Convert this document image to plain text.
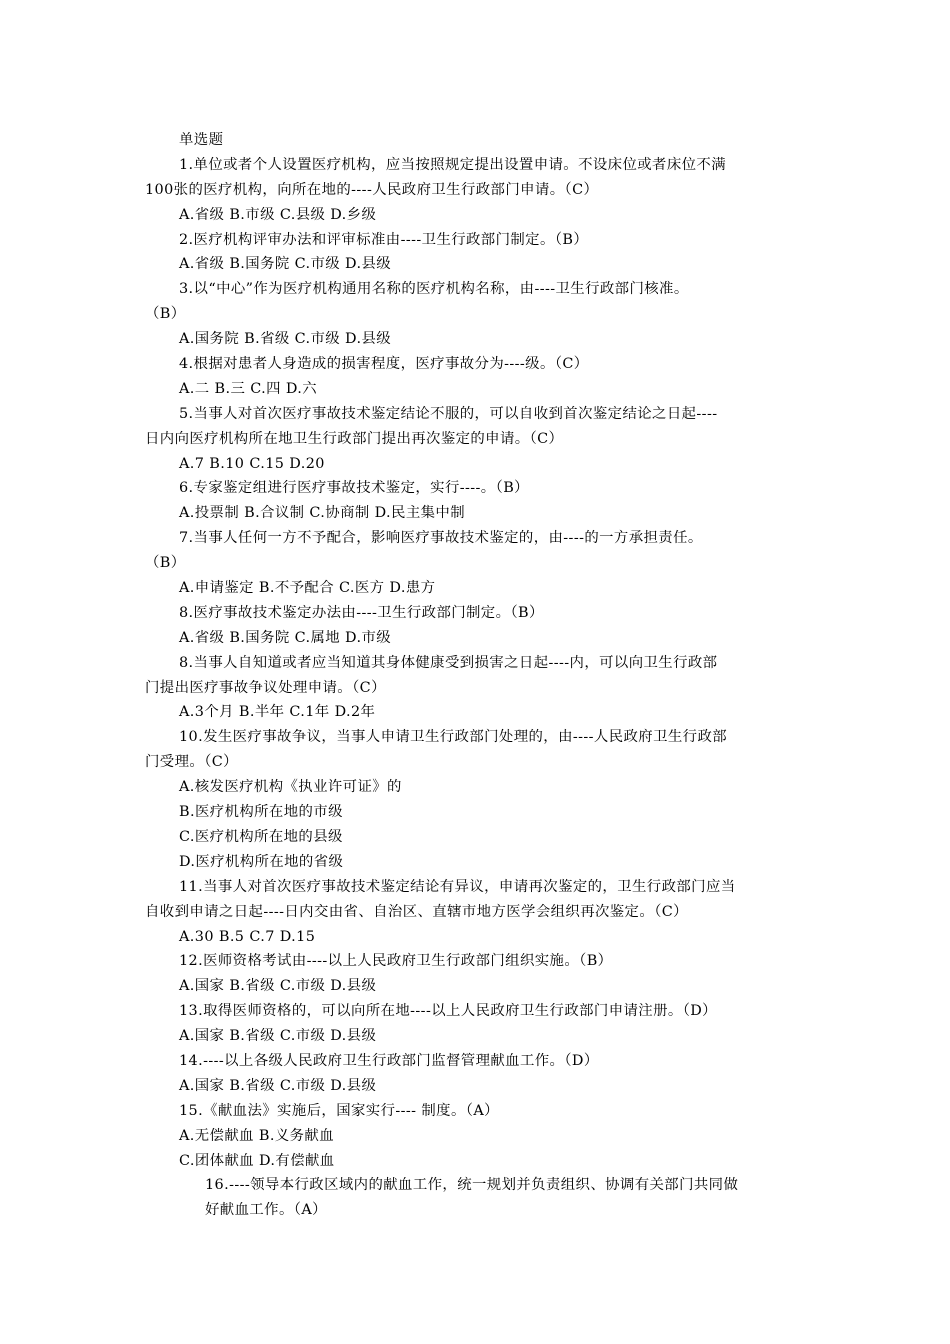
单选题
1.单位或者个人设置医疗机构，应当按照规定提出设置申请。不设床位或者床位不满
100张的医疗机构，向所在地的----人民政府卫生行政部门申请。（C）
A.省级 B.市级 C.县级 D.乡级
2.医疗机构评审办法和评审标准由----卫生行政部门制定。（B）
A.省级 B.国务院 C.市级 D.县级
3.以“中心”作为医疗机构通用名称的医疗机构名称，由----卫生行政部门核准。
（B）
A.国务院 B.省级 C.市级 D.县级
4.根据对患者人身造成的损害程度，医疗事故分为----级。（C）
A.二 B.三 C.四 D.六
5.当事人对首次医疗事故技术鉴定结论不服的，可以自收到首次鉴定结论之日起----
日内向医疗机构所在地卫生行政部门提出再次鉴定的申请。（C）
A.7 B.10 C.15 D.20
6.专家鉴定组进行医疗事故技术鉴定，实行----。（B）
A.投票制 B.合议制 C.协商制 D.民主集中制
7.当事人任何一方不予配合，影响医疗事故技术鉴定的，由----的一方承担责任。
（B）
A.申请鉴定 B.不予配合 C.医方 D.患方
8.医疗事故技术鉴定办法由----卫生行政部门制定。（B）
A.省级 B.国务院 C.属地 D.市级
8.当事人自知道或者应当知道其身体健康受到损害之日起----内，可以向卫生行政部
门提出医疗事故争议处理申请。（C）
A.3个月 B.半年 C.1年 D.2年
10.发生医疗事故争议，当事人申请卫生行政部门处理的，由----人民政府卫生行政部
门受理。（C）
A.核发医疗机构《执业许可证》的
B.医疗机构所在地的市级
C.医疗机构所在地的县级
D.医疗机构所在地的省级
11.当事人对首次医疗事故技术鉴定结论有异议，申请再次鉴定的，卫生行政部门应当
自收到申请之日起----日内交由省、自治区、直辖市地方医学会组织再次鉴定。（C）
A.30 B.5 C.7 D.15
12.医师资格考试由----以上人民政府卫生行政部门组织实施。（B）
A.国家 B.省级 C.市级 D.县级
13.取得医师资格的，可以向所在地----以上人民政府卫生行政部门申请注册。（D）
A.国家 B.省级 C.市级 D.县级
14.----以上各级人民政府卫生行政部门监督管理献血工作。（D）
A.国家 B.省级 C.市级 D.县级
15.《献血法》实施后，国家实行---- 制度。（A）
A.无偿献血 B.义务献血
C.团体献血 D.有偿献血
16.----领导本行政区域内的献血工作，统一规划并负责组织、协调有关部门共同做
好献血工作。（A）
